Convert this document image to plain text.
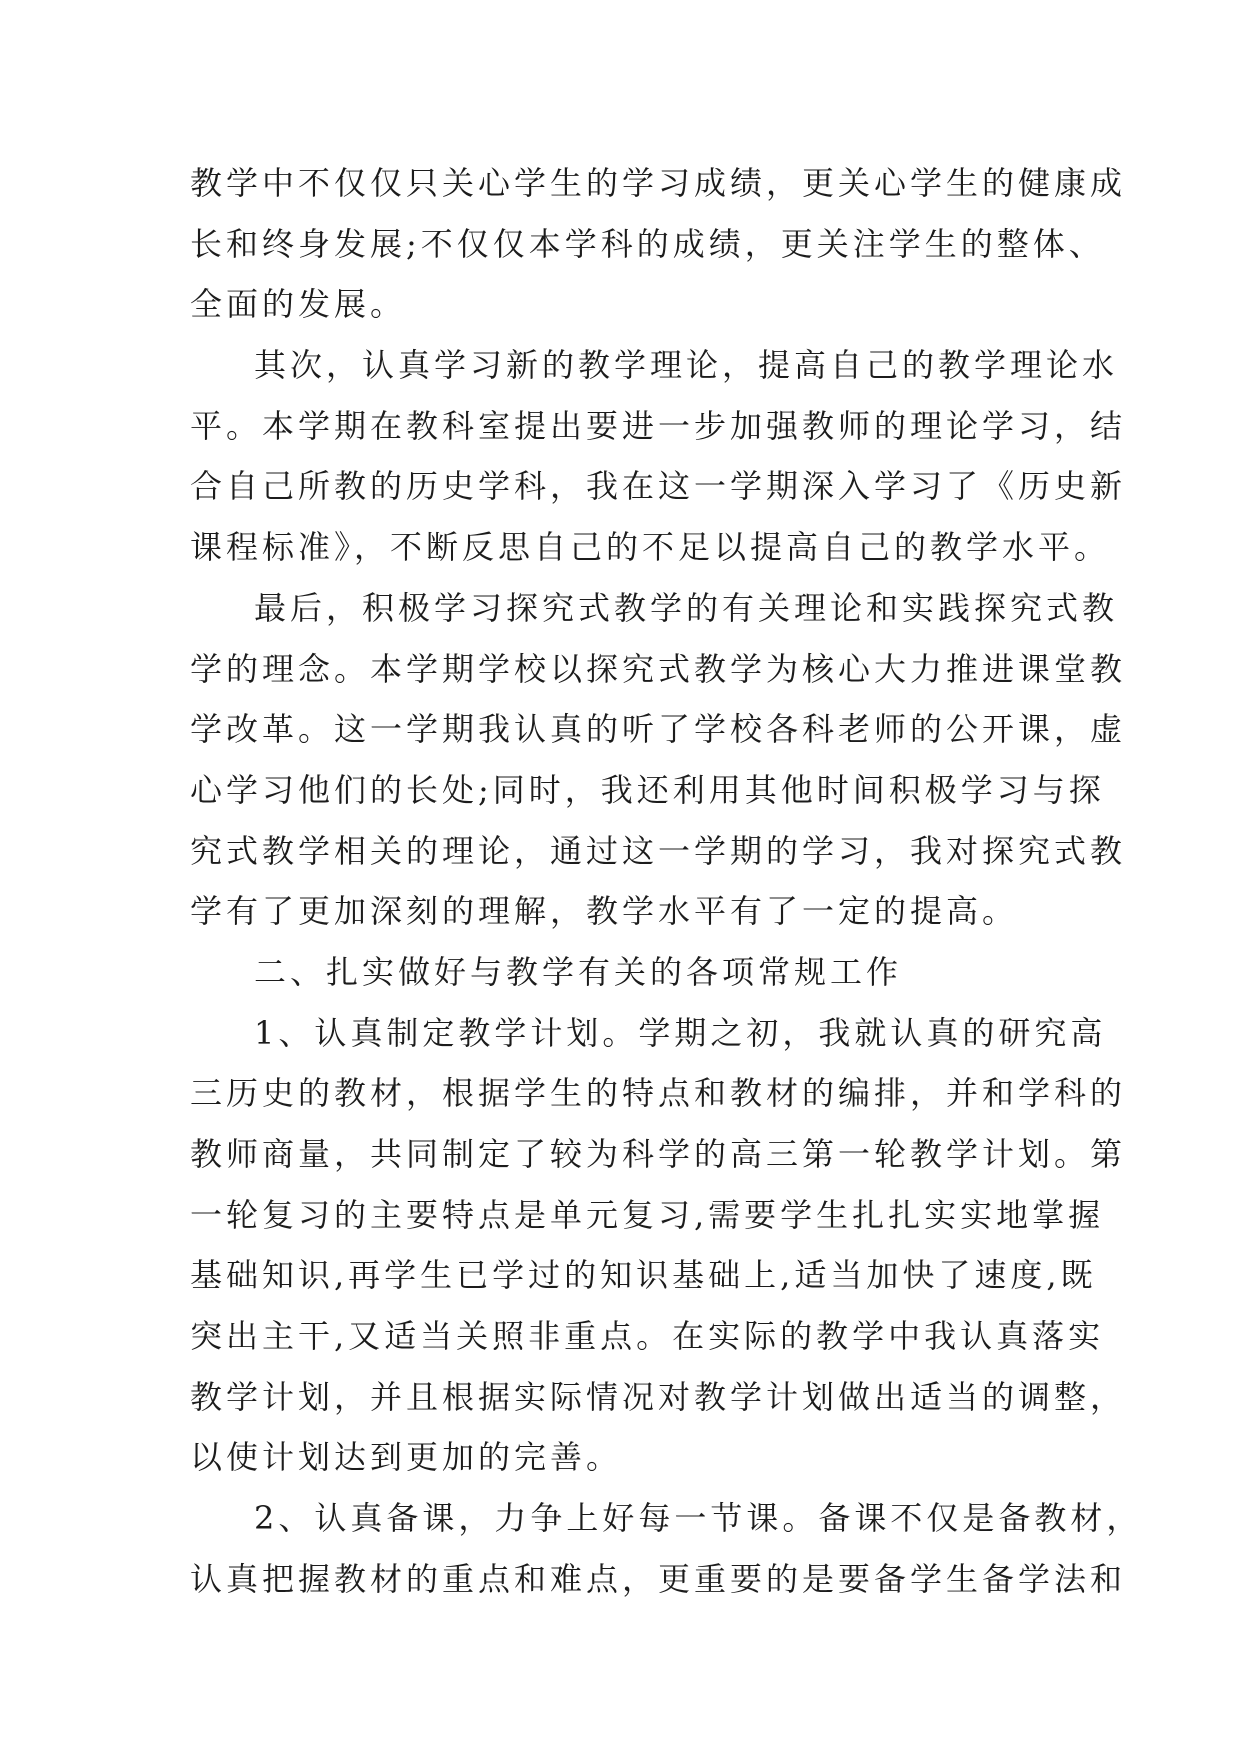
教学中不仅仅只关心学生的学习成绩，更关心学生的健康成
长和终身发展;不仅仅本学科的成绩，更关注学生的整体、
全面的发展。
其次，认真学习新的教学理论，提高自己的教学理论水
平。本学期在教科室提出要进一步加强教师的理论学习，结
合自己所教的历史学科，我在这一学期深入学习了《历史新
课程标准》，不断反思自己的不足以提高自己的教学水平。
最后，积极学习探究式教学的有关理论和实践探究式教
学的理念。本学期学校以探究式教学为核心大力推进课堂教
学改革。这一学期我认真的听了学校各科老师的公开课，虚
心学习他们的长处;同时，我还利用其他时间积极学习与探
究式教学相关的理论，通过这一学期的学习，我对探究式教
学有了更加深刻的理解，教学水平有了一定的提高。
二、扎实做好与教学有关的各项常规工作
1、认真制定教学计划。学期之初，我就认真的研究高
三历史的教材，根据学生的特点和教材的编排，并和学科的
教师商量，共同制定了较为科学的高三第一轮教学计划。第
一轮复习的主要特点是单元复习,需要学生扎扎实实地掌握
基础知识,再学生已学过的知识基础上,适当加快了速度,既
突出主干,又适当关照非重点。在实际的教学中我认真落实
教学计划，并且根据实际情况对教学计划做出适当的调整，
以使计划达到更加的完善。
2、认真备课，力争上好每一节课。备课不仅是备教材，
认真把握教材的重点和难点，更重要的是要备学生备学法和
